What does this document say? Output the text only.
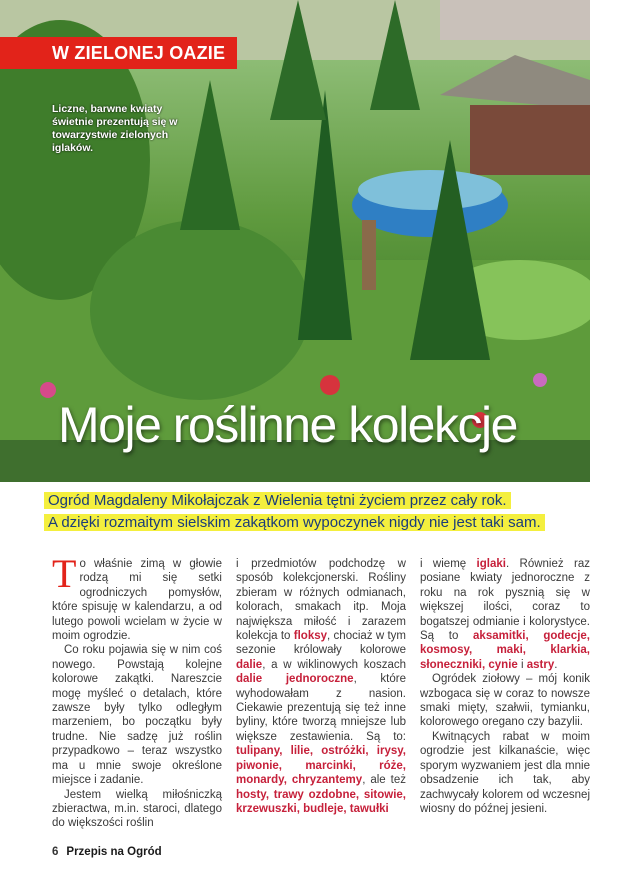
W ZIELONEJ OAZIE
Liczne, barwne kwiaty świetnie prezentują się w towarzystwie zielonych iglaków.
Moje roślinne kolekcje
Ogród Magdaleny Mikołajczak z Wielenia tętni życiem przez cały rok.
A dzięki rozmaitym sielskim zakątkom wypoczynek nigdy nie jest taki sam.

To właśnie zimą w głowie rodzą mi się setki ogrodniczych pomysłów, które spisuję w kalendarzu, a od lutego powoli wcielam w życie w moim ogrodzie.

Co roku pojawia się w nim coś nowego. Powstają kolejne kolorowe zakątki. Nareszcie mogę myśleć o detalach, które zawsze były tylko odległym marzeniem, bo początku były trudne. Nie sadzę już roślin przypadkowo – teraz wszystko ma u mnie swoje określone miejsce i zadanie.

Jestem wielką miłośniczką zbieractwa, m.in. staroci, dlatego do większości roślin

i przedmiotów podchodzę w sposób kolekcjonerski. Rośliny zbieram w różnych odmianach, kolorach, smakach itp. Moja największa miłość i zarazem kolekcja to floksy, chociaż w tym sezonie królowały kolorowe dalie, a w wiklinowych koszach dalie jednoroczne, które wyhodowałam z nasion. Ciekawie prezentują się też inne byliny, które tworzą mniejsze lub większe zestawienia. Są to: tulipany, lilie, ostróżki, irysy, piwonie, marcinki, róże, monardy, chryzantemy, ale też hosty, trawy ozdobne, sitowie, krzewuszki, budleje, tawułki

i wiemę iglaki. Również raz posiane kwiaty jednoroczne z roku na rok pysznią się w większej ilości, coraz to bogatszej odmianie i kolorystyce. Są to aksamitki, godecje, kosmosy, maki, klarkia, słoneczniki, cynie i astry.

Ogródek ziołowy – mój konik wzbogaca się w coraz to nowsze smaki mięty, szałwii, tymianku, kolorowego oregano czy bazylii.

Kwitnących rabat w moim ogrodzie jest kilkanaście, więc sporym wyzwaniem jest dla mnie obsadzenie ich tak, aby zachwycały kolorem od wczesnej wiosny do późnej jesieni.

6 Przepis na Ogród
